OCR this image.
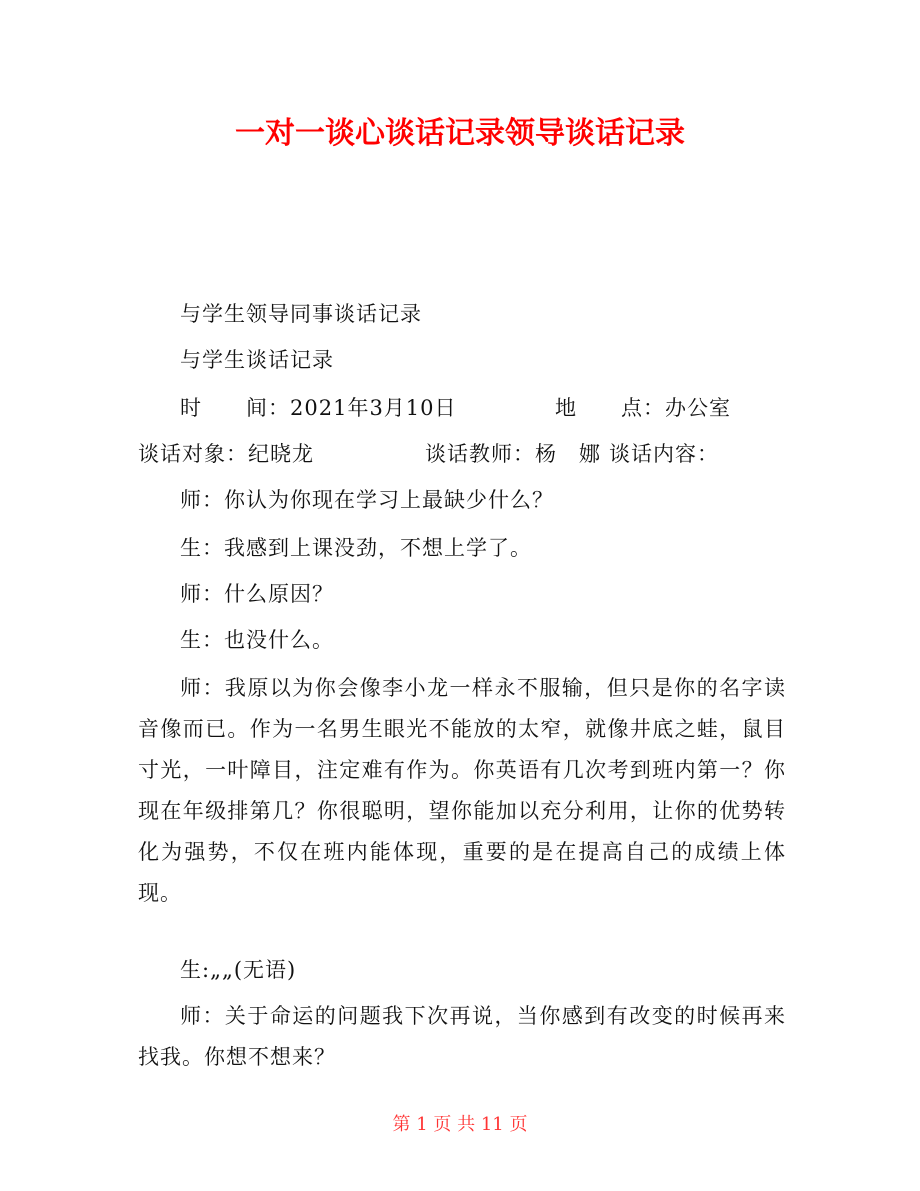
一对一谈心谈话记录领导谈话记录
与学生领导同事谈话记录
与学生谈话记录
时　　间：2021年3月10日	地　　点：办公室
谈话对象：纪晓龙	谈话教师：杨　娜 谈话内容：
师：你认为你现在学习上最缺少什么？
生：我感到上课没劲，不想上学了。
师：什么原因？
生：也没什么。
师：我原以为你会像李小龙一样永不服输，但只是你的名字读音像而已。作为一名男生眼光不能放的太窄，就像井底之蛙，鼠目寸光，一叶障目，注定难有作为。你英语有几次考到班内第一？你现在年级排第几？你很聪明，望你能加以充分利用，让你的优势转化为强势，不仅在班内能体现，重要的是在提高自己的成绩上体现。
生:„„(无语)
师：关于命运的问题我下次再说，当你感到有改变的时候再来找我。你想不想来？
第 1 页 共 11 页
